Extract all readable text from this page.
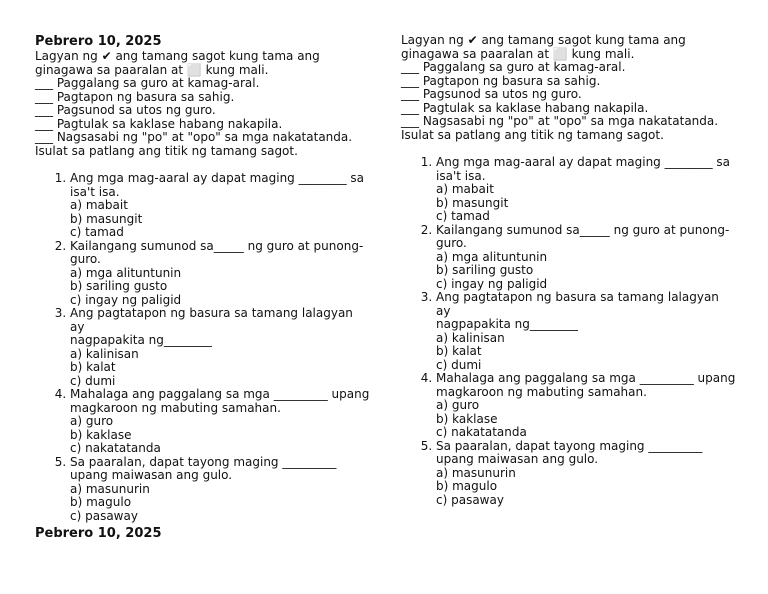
Pebrero 10, 2025
Lagyan ng ✔ ang tamang sagot kung tama ang
ginagawa sa paaralan at ⬜ kung mali.
___ Paggalang sa guro at kamag-aral.
___ Pagtapon ng basura sa sahig.
___ Pagsunod sa utos ng guro.
___ Pagtulak sa kaklase habang nakapila.
___ Nagsasabi ng "po" at "opo" sa mga nakatatanda.
Isulat sa patlang ang titik ng tamang sagot.
1. Ang mga mag-aaral ay dapat maging ________ sa
isa't isa.
a) mabait
b) masungit
c) tamad
2. Kailangang sumunod sa_____ ng guro at punong-
guro.
a) mga alituntunin
b) sariling gusto
c) ingay ng paligid
3. Ang pagtatapon ng basura sa tamang lalagyan ay
nagpapakita ng________
a) kalinisan
b) kalat
c) dumi
4. Mahalaga ang paggalang sa mga _________ upang
magkaroon ng mabuting samahan.
a) guro
b) kaklase
c) nakatatanda
5. Sa paaralan, dapat tayong maging _________
upang maiwasan ang gulo.
a) masunurin
b) magulo
c) pasaway
Lagyan ng ✔ ang tamang sagot kung tama ang
ginagawa sa paaralan at ⬜ kung mali.
___ Paggalang sa guro at kamag-aral.
___ Pagtapon ng basura sa sahig.
___ Pagsunod sa utos ng guro.
___ Pagtulak sa kaklase habang nakapila.
___ Nagsasabi ng "po" at "opo" sa mga nakatatanda.
Isulat sa patlang ang titik ng tamang sagot.
1. Ang mga mag-aaral ay dapat maging ________ sa
isa't isa.
a) mabait
b) masungit
c) tamad
2. Kailangang sumunod sa_____ ng guro at punong-
guro.
a) mga alituntunin
b) sariling gusto
c) ingay ng paligid
3. Ang pagtatapon ng basura sa tamang lalagyan ay
nagpapakita ng________
a) kalinisan
b) kalat
c) dumi
4. Mahalaga ang paggalang sa mga _________ upang
magkaroon ng mabuting samahan.
a) guro
b) kaklase
c) nakatatanda
5. Sa paaralan, dapat tayong maging _________
upang maiwasan ang gulo.
a) masunurin
b) magulo
c) pasaway
Pebrero 10, 2025
